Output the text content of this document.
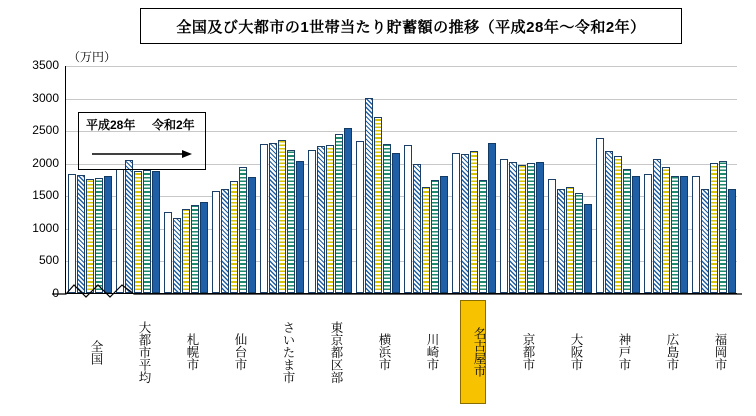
全国及び大都市の1世帯当たり貯蓄額の推移（平成28年～令和2年）
（万円）
平成28年 令和2年
全国	大都市平均	札幌市	仙台市	さいたま市	東京都区部	横浜市	川崎市	名古屋市	京都市	大阪市	神戸市	広島市	福岡市
0
500
1000
1500
2000
2500
3000
3500
